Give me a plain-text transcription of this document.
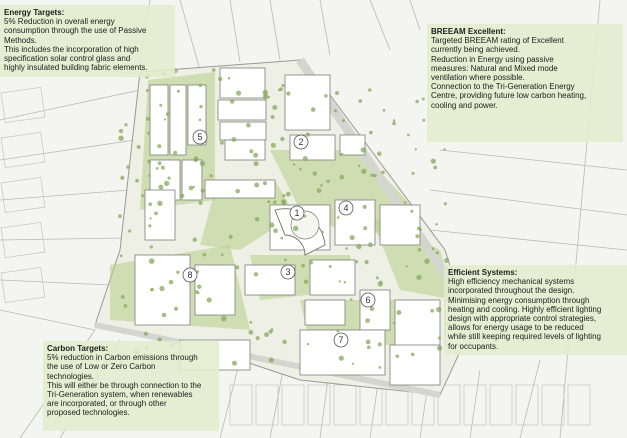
1
2
3
4
5
6
7
8
Energy Targets:
5% Reduction in overall energy
consumption through the use of Passive
Methods.
This includes the incorporation of high
specification solar control glass and
highly insulated building fabric elements.
BREEAM Excellent:
Targeted BREEAM rating of Excellent
currently being achieved.
Reduction in Energy using passive
measures: Natural and Mixed mode
ventilation where possible.
Connection to the Tri-Generation Energy
Centre, providing future low carbon heating,
cooling and power.
Efficient Systems:
High efficiency mechanical systems
incorporated throughout the design.
Minimising energy consumption through
heating and cooling. Highly efficient lighting
design with appropriate control strategies,
allows for energy usage to be reduced
while still keeping required levels of lighting
for occupants.
Carbon Targets:
5% reduction in Carbon emissions through
the use of Low or Zero Carbon
technologies.
This will either be through connection to the
Tri-Generation system, when renewables
are incorporated, or through other
proposed technologies.
